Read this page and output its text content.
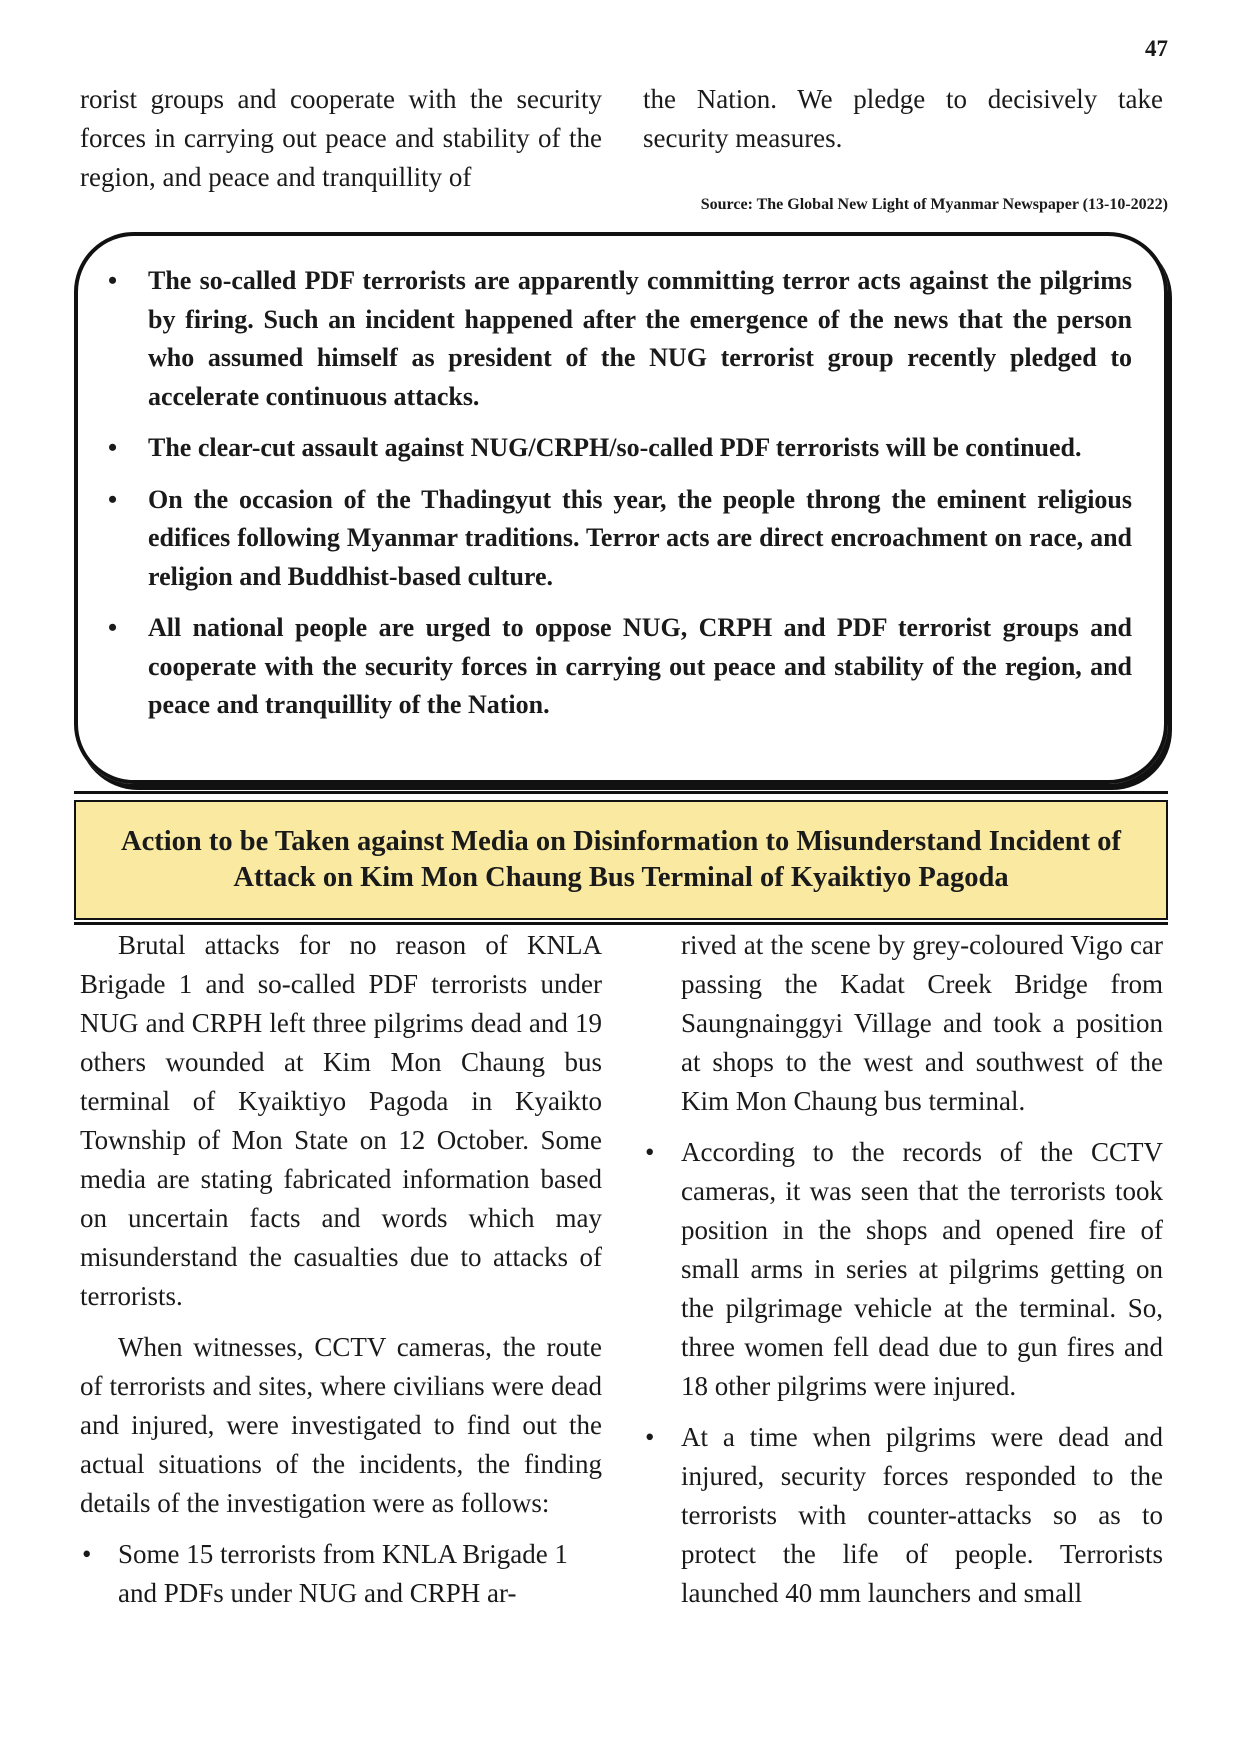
47

rorist groups and cooperate with the security forces in carrying out peace and stability of the region, and peace and tranquillity of

the Nation. We pledge to decisively take security measures.

Source: The Global New Light of Myanmar Newspaper (13-10-2022)
• The so-called PDF terrorists are apparently committing terror acts against the pilgrims by firing. Such an incident happened after the emergence of the news that the person who assumed himself as president of the NUG terrorist group recently pledged to accelerate continuous attacks.
• The clear-cut assault against NUG/CRPH/so-called PDF terrorists will be continued.
• On the occasion of the Thadingyut this year, the people throng the eminent religious edifices following Myanmar traditions. Terror acts are direct encroachment on race, and religion and Buddhist-based culture.
• All national people are urged to oppose NUG, CRPH and PDF terrorist groups and cooperate with the security forces in carrying out peace and stability of the region, and peace and tranquillity of the Nation.
Action to be Taken against Media on Disinformation to Misunderstand Incident of Attack on Kim Mon Chaung Bus Terminal of Kyaiktiyo Pagoda

Brutal attacks for no reason of KNLA Brigade 1 and so-called PDF terrorists under NUG and CRPH left three pilgrims dead and 19 others wounded at Kim Mon Chaung bus terminal of Kyaiktiyo Pagoda in Kyaikto Township of Mon State on 12 October. Some media are stating fabricated information based on uncertain facts and words which may misunderstand the casualties due to attacks of terrorists.

When witnesses, CCTV cameras, the route of terrorists and sites, where civilians were dead and injured, were investigated to find out the actual situations of the incidents, the finding details of the investigation were as follows:

• Some 15 terrorists from KNLA Brigade 1 and PDFs under NUG and CRPH ar-

rived at the scene by grey-coloured Vigo car passing the Kadat Creek Bridge from Saungnainggyi Village and took a position at shops to the west and southwest of the Kim Mon Chaung bus terminal.

• According to the records of the CCTV cameras, it was seen that the terrorists took position in the shops and opened fire of small arms in series at pilgrims getting on the pilgrimage vehicle at the terminal. So, three women fell dead due to gun fires and 18 other pilgrims were injured.

• At a time when pilgrims were dead and injured, security forces responded to the terrorists with counter-attacks so as to protect the life of people. Terrorists launched 40 mm launchers and small
